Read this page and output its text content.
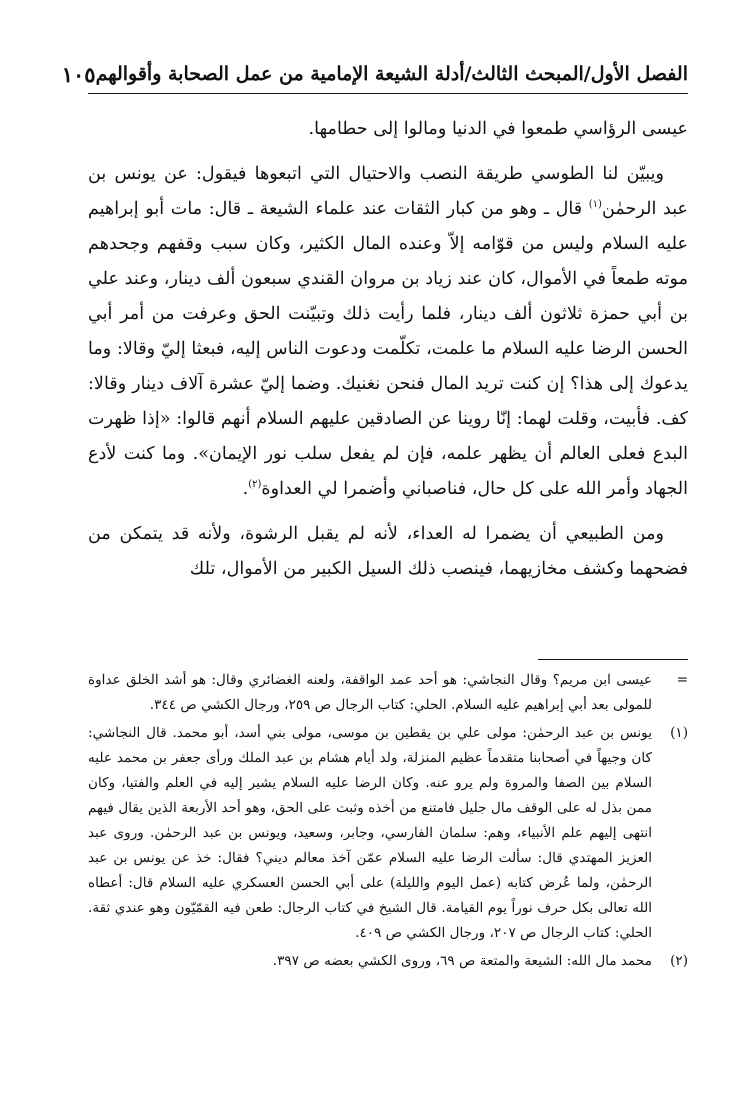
الفصل الأول/المبحث الثالث/أدلة الشيعة الإمامية من عمل الصحابة وأقوالهم
١٠٥

عيسى الرؤاسي طمعوا في الدنيا ومالوا إلى حطامها.

ويبيّن لنا الطوسي طريقة النصب والاحتيال التي اتبعوها فيقول: عن يونس بن عبد الرحمٰن$^{(١)}$ قال ـ وهو من كبار الثقات عند علماء الشيعة ـ قال: مات أبو إبراهيم عليه السلام وليس من قوّامه إلاّ وعنده المال الكثير، وكان سبب وقفهم وجحدهم موته طمعاً في الأموال، كان عند زياد بن مروان القندي سبعون ألف دينار، وعند علي بن أبي حمزة ثلاثون ألف دينار، فلما رأيت ذلك وتبيّنت الحق وعرفت من أمر أبي الحسن الرضا عليه السلام ما علمت، تكلّمت ودعوت الناس إليه، فبعثا إليّ وقالا: وما يدعوك إلى هذا؟ إن كنت تريد المال فنحن نغنيك. وضما إليّ عشرة آلاف دينار وقالا: كف. فأبيت، وقلت لهما: إنّا روينا عن الصادقين عليهم السلام أنهم قالوا: «إذا ظهرت البدع فعلى العالم أن يظهر علمه، فإن لم يفعل سلب نور الإيمان». وما كنت لأدع الجهاد وأمر الله على كل حال، فناصباني وأضمرا لي العداوة$^{(٢)}$.

ومن الطبيعي أن يضمرا له العداء، لأنه لم يقبل الرشوة، ولأنه قد يتمكن من فضحهما وكشف مخازيهما، فينصب ذلك السيل الكبير من الأموال، تلك

=
عيسى ابن مريم؟ وقال النجاشي: هو أحد عمد الواقفة، ولعنه الغضائري وقال: هو أشد الخلق عداوة للمولى بعد أبي إبراهيم عليه السلام. الحلي: كتاب الرجال ص ٢٥٩، ورجال الكشي ص ٣٤٤.
(١)
يونس بن عبد الرحمٰن: مولى علي بن يقطين بن موسى، مولى بني أسد، أبو محمد. قال النجاشي: كان وجيهاً في أصحابنا متقدماً عظيم المنزلة، ولد أيام هشام بن عبد الملك ورأى جعفر بن محمد عليه السلام بين الصفا والمروة ولم يرو عنه. وكان الرضا عليه السلام يشير إليه في العلم والفتيا، وكان ممن بذل له على الوقف مال جليل فامتنع من أخذه وثبت على الحق، وهو أحد الأربعة الذين يقال فيهم انتهى إليهم علم الأنبياء، وهم: سلمان الفارسي، وجابر، وسعيد، ويونس بن عبد الرحمٰن. وروى عبد العزيز المهتدي قال: سألت الرضا عليه السلام عمّن آخذ معالم ديني؟ فقال: خذ عن يونس بن عبد الرحمٰن، ولما عُرض كتابه (عمل اليوم والليلة) على أبي الحسن العسكري عليه السلام قال: أعطاه الله تعالى بكل حرف نوراً يوم القيامة. قال الشيخ في كتاب الرجال: طعن فيه القمّيّون وهو عندي ثقة. الحلي: كتاب الرجال ص ٢٠٧، ورجال الكشي ص ٤٠٩.
(٢)
محمد مال الله: الشيعة والمتعة ص ٦٩، وروى الكشي بعضه ص ٣٩٧.
